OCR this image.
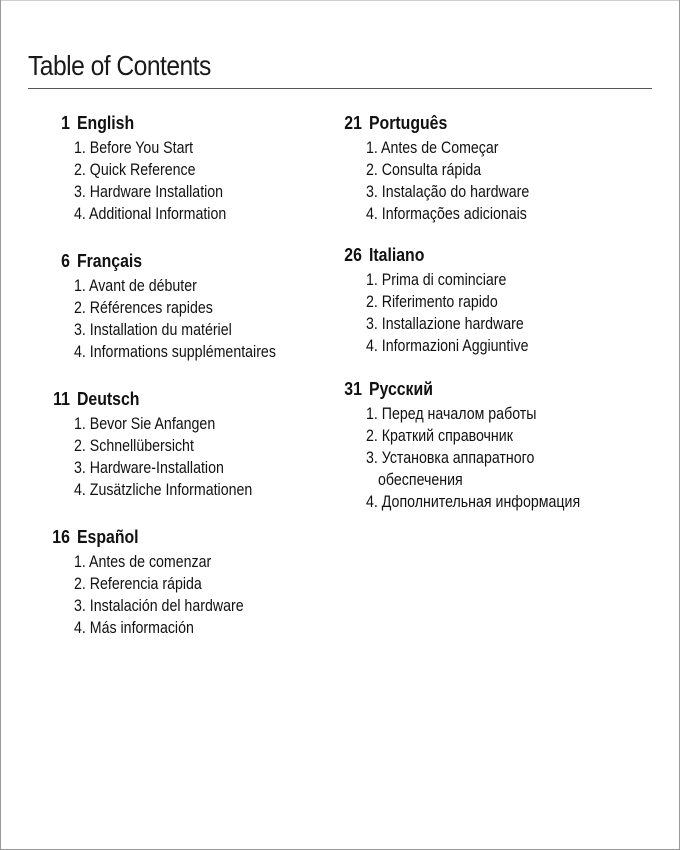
Table of Contents
1 English
1. Before You Start
2. Quick Reference
3. Hardware Installation
4. Additional Information
6 Français
1. Avant de débuter
2. Références rapides
3. Installation du matériel
4. Informations supplémentaires
11 Deutsch
1. Bevor Sie Anfangen
2. Schnellübersicht
3. Hardware-Installation
4. Zusätzliche Informationen
16 Español
1. Antes de comenzar
2. Referencia rápida
3. Instalación del hardware
4. Más información
21 Português
1. Antes de Começar
2. Consulta rápida
3. Instalação do hardware
4. Informações adicionais
26 Italiano
1. Prima di cominciare
2. Riferimento rapido
3. Installazione hardware
4. Informazioni Aggiuntive
31 Русский
1. Перед началом работы
2. Краткий справочник
3. Установка аппаратного
обеспечения
4. Дополнительная информация
